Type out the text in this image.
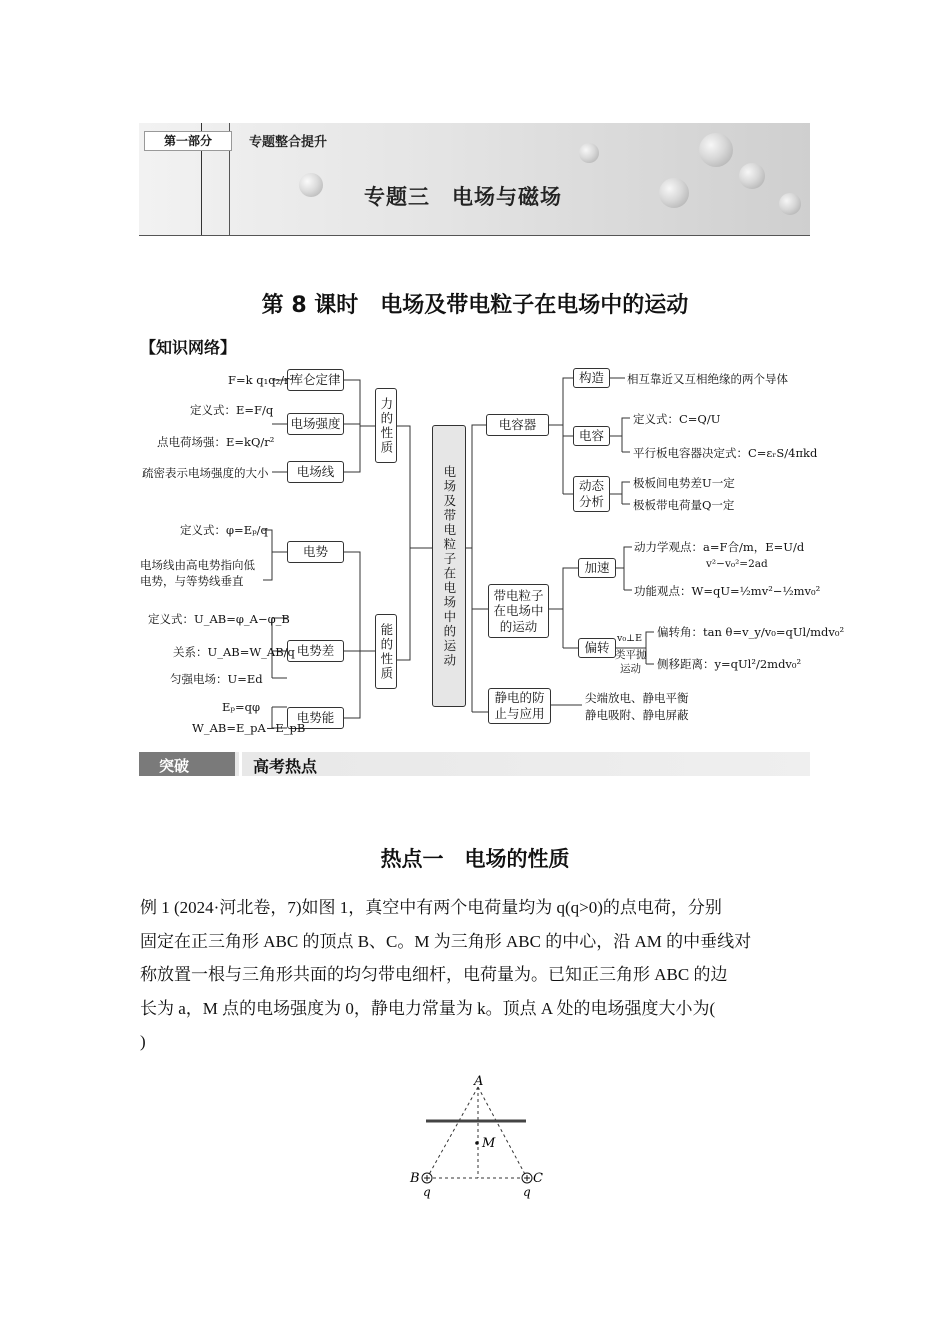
第一部分	专题整合提升
专题三　电场与磁场
第 8 课时　电场及带电粒子在电场中的运动
【知识网络】
库仑定律
电场强度
电场线
力的性质
电场及带电粒子在电场中的运动
电势
电势差
电势能
能的性质
电容器
构造
电容
动态分析
带电粒子在电场中的运动
加速
偏转
静电的防止与应用
F=k q₁q₂/r²
定义式：E=F/q
点电荷场强：E=kQ/r²
疏密表示电场强度的大小
定义式：φ=Eₚ/q
电场线由高电势指向低
电势，与等势线垂直
定义式：U_AB=φ_A−φ_B
关系：U_AB=W_AB/q
匀强电场：U=Ed
Eₚ=qφ
W_AB=E_pA−E_pB
相互靠近又互相绝缘的两个导体
定义式：C=Q/U
平行板电容器决定式：C=εᵣS/4πkd
极板间电势差U一定
极板带电荷量Q一定
动力学观点：a=F合/m，E=U/d
v²−v₀²=2ad
功能观点：W=qU=½mv²−½mv₀²
v₀⊥E
类平抛
运动
偏转角：tan θ=v_y/v₀=qUl/mdv₀²
侧移距离：y=qUl²/2mdv₀²
尖端放电、静电平衡
静电吸附、静电屏蔽
突破	高考热点
热点一　电场的性质
例 1 (2024·河北卷，7)如图 1，真空中有两个电荷量均为 q(q>0)的点电荷，分别
固定在正三角形 ABC 的顶点 B、C。M 为三角形 ABC 的中心，沿 AM 的中垂线对
称放置一根与三角形共面的均匀带电细杆，电荷量为。已知正三角形 ABC 的边
长为 a，M 点的电场强度为 0，静电力常量为 k。顶点 A 处的电场强度大小为(
)
A
M
B	C
q	q
